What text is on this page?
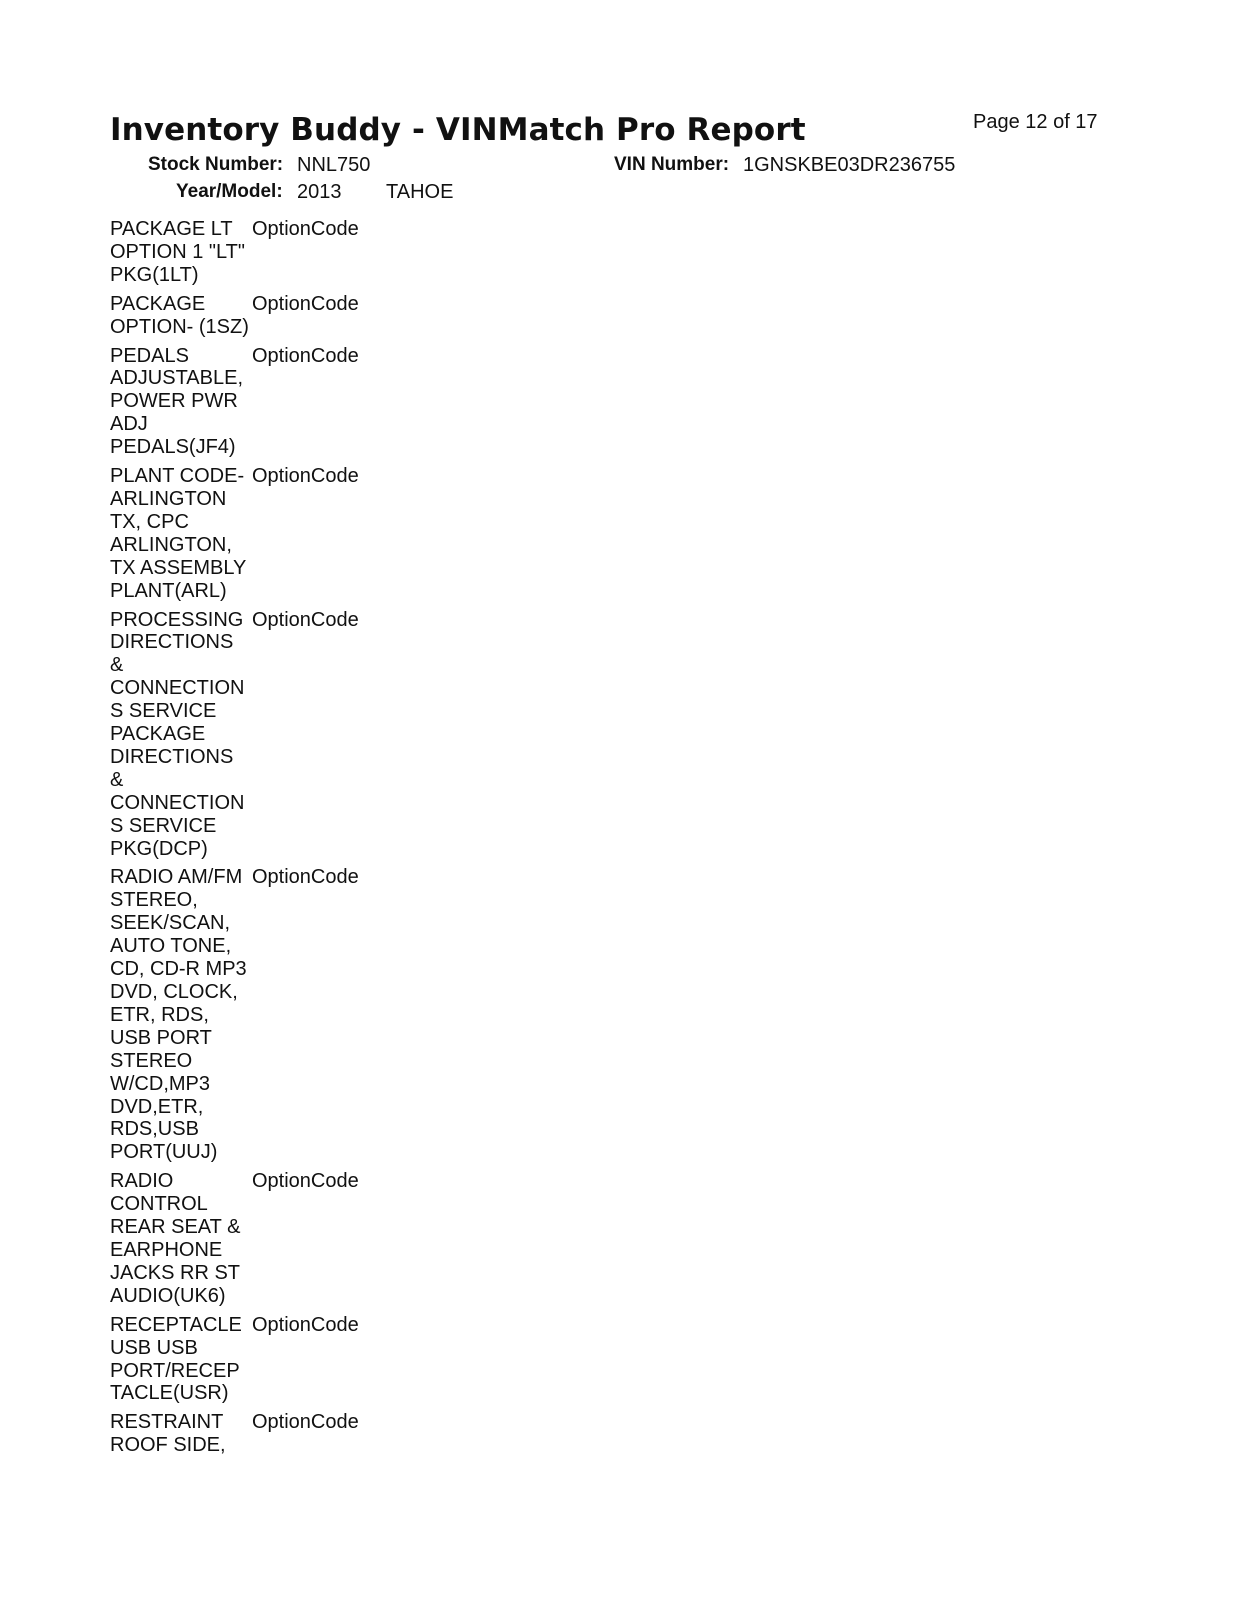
Inventory Buddy - VINMatch Pro Report	Page 12 of 17
Stock Number: NNL750	VIN Number: 1GNSKBE03DR236755
Year/Model: 2013 TAHOE
PACKAGE LT
OPTION 1 "LT"
PKG(1LT)
OptionCode
PACKAGE
OPTION- (1SZ)
OptionCode
PEDALS
ADJUSTABLE,
POWER PWR
ADJ
PEDALS(JF4)
OptionCode
PLANT CODE-
ARLINGTON
TX, CPC
ARLINGTON,
TX ASSEMBLY
PLANT(ARL)
OptionCode
PROCESSING
DIRECTIONS
&
CONNECTION
S SERVICE
PACKAGE
DIRECTIONS
&
CONNECTION
S SERVICE
PKG(DCP)
OptionCode
RADIO AM/FM
STEREO,
SEEK/SCAN,
AUTO TONE,
CD, CD-R MP3
DVD, CLOCK,
ETR, RDS,
USB PORT
STEREO
W/CD,MP3
DVD,ETR,
RDS,USB
PORT(UUJ)
OptionCode
RADIO
CONTROL
REAR SEAT &
EARPHONE
JACKS RR ST
AUDIO(UK6)
OptionCode
RECEPTACLE
USB USB
PORT/RECEP
TACLE(USR)
OptionCode
RESTRAINT
ROOF SIDE,
OptionCode
